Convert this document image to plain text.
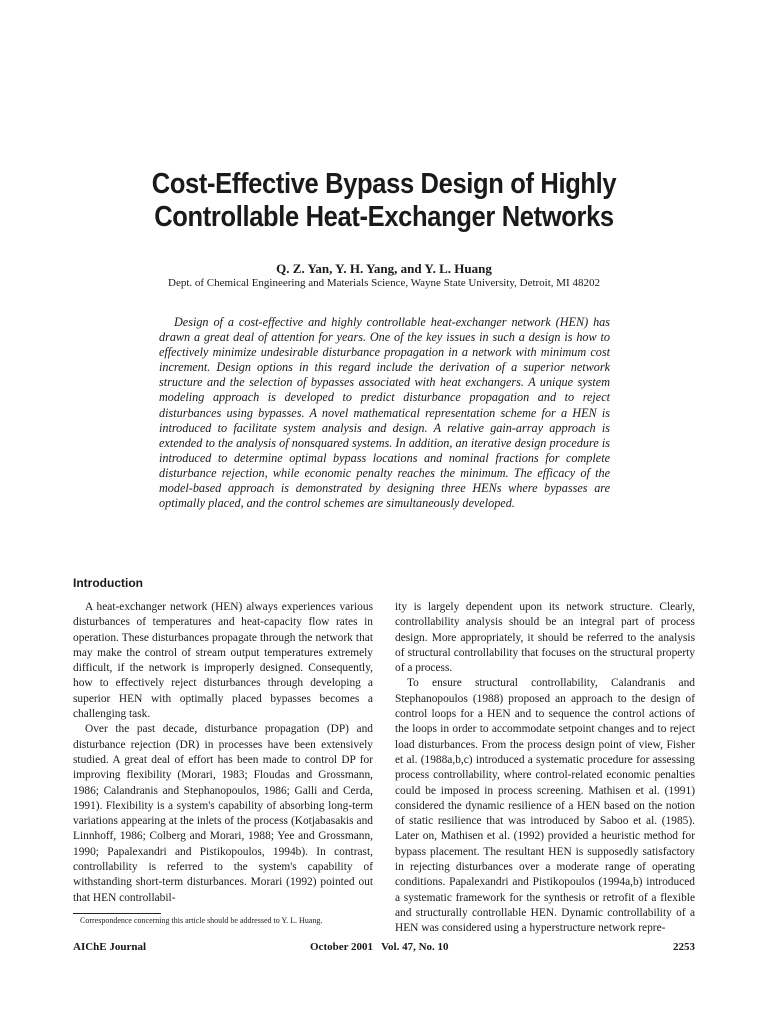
Cost-Effective Bypass Design of Highly Controllable Heat-Exchanger Networks
Q. Z. Yan, Y. H. Yang, and Y. L. Huang
Dept. of Chemical Engineering and Materials Science, Wayne State University, Detroit, MI 48202

Design of a cost-effective and highly controllable heat-exchanger network (HEN) has drawn a great deal of attention for years. One of the key issues in such a design is how to effectively minimize undesirable disturbance propagation in a network with minimum cost increment. Design options in this regard include the derivation of a superior network structure and the selection of bypasses associated with heat exchangers. A unique system modeling approach is developed to predict disturbance propagation and to reject disturbances using bypasses. A novel mathematical representation scheme for a HEN is introduced to facilitate system analysis and design. A relative gain-array approach is extended to the analysis of nonsquared systems. In addition, an iterative design procedure is introduced to determine optimal bypass locations and nominal fractions for complete disturbance rejection, while economic penalty reaches the minimum. The efficacy of the model-based approach is demonstrated by designing three HENs where bypasses are optimally placed, and the control schemes are simultaneously developed.

Introduction

A heat-exchanger network (HEN) always experiences various disturbances of temperatures and heat-capacity flow rates in operation. These disturbances propagate through the network that may make the control of stream output temperatures extremely difficult, if the network is improperly designed. Consequently, how to effectively reject disturbances through developing a superior HEN with optimally placed bypasses becomes a challenging task.

Over the past decade, disturbance propagation (DP) and disturbance rejection (DR) in processes have been extensively studied. A great deal of effort has been made to control DP for improving flexibility (Morari, 1983; Floudas and Grossmann, 1986; Calandranis and Stephanopoulos, 1986; Galli and Cerda, 1991). Flexibility is a system's capability of absorbing long-term variations appearing at the inlets of the process (Kotjabasakis and Linnhoff, 1986; Colberg and Morari, 1988; Yee and Grossmann, 1990; Papalexandri and Pistikopoulos, 1994b). In contrast, controllability is referred to the system's capability of withstanding short-term disturbances. Morari (1992) pointed out that HEN controllabil-

ity is largely dependent upon its network structure. Clearly, controllability analysis should be an integral part of process design. More appropriately, it should be referred to the analysis of structural controllability that focuses on the structural property of a process.

To ensure structural controllability, Calandranis and Stephanopoulos (1988) proposed an approach to the design of control loops for a HEN and to sequence the control actions of the loops in order to accommodate setpoint changes and to reject load disturbances. From the process design point of view, Fisher et al. (1988a,b,c) introduced a systematic procedure for assessing process controllability, where control-related economic penalties could be imposed in process screening. Mathisen et al. (1991) considered the dynamic resilience of a HEN based on the notion of static resilience that was introduced by Saboo et al. (1985). Later on, Mathisen et al. (1992) provided a heuristic method for bypass placement. The resultant HEN is supposedly satisfactory in rejecting disturbances over a moderate range of operating conditions. Papalexandri and Pistikopoulos (1994a,b) introduced a systematic framework for the synthesis or retrofit of a flexible and structurally controllable HEN. Dynamic controllability of a HEN was considered using a hyperstructure network repre-

Correspondence concerning this article should be addressed to Y. L. Huang.
AIChE Journal	October 2001   Vol. 47, No. 10	2253
